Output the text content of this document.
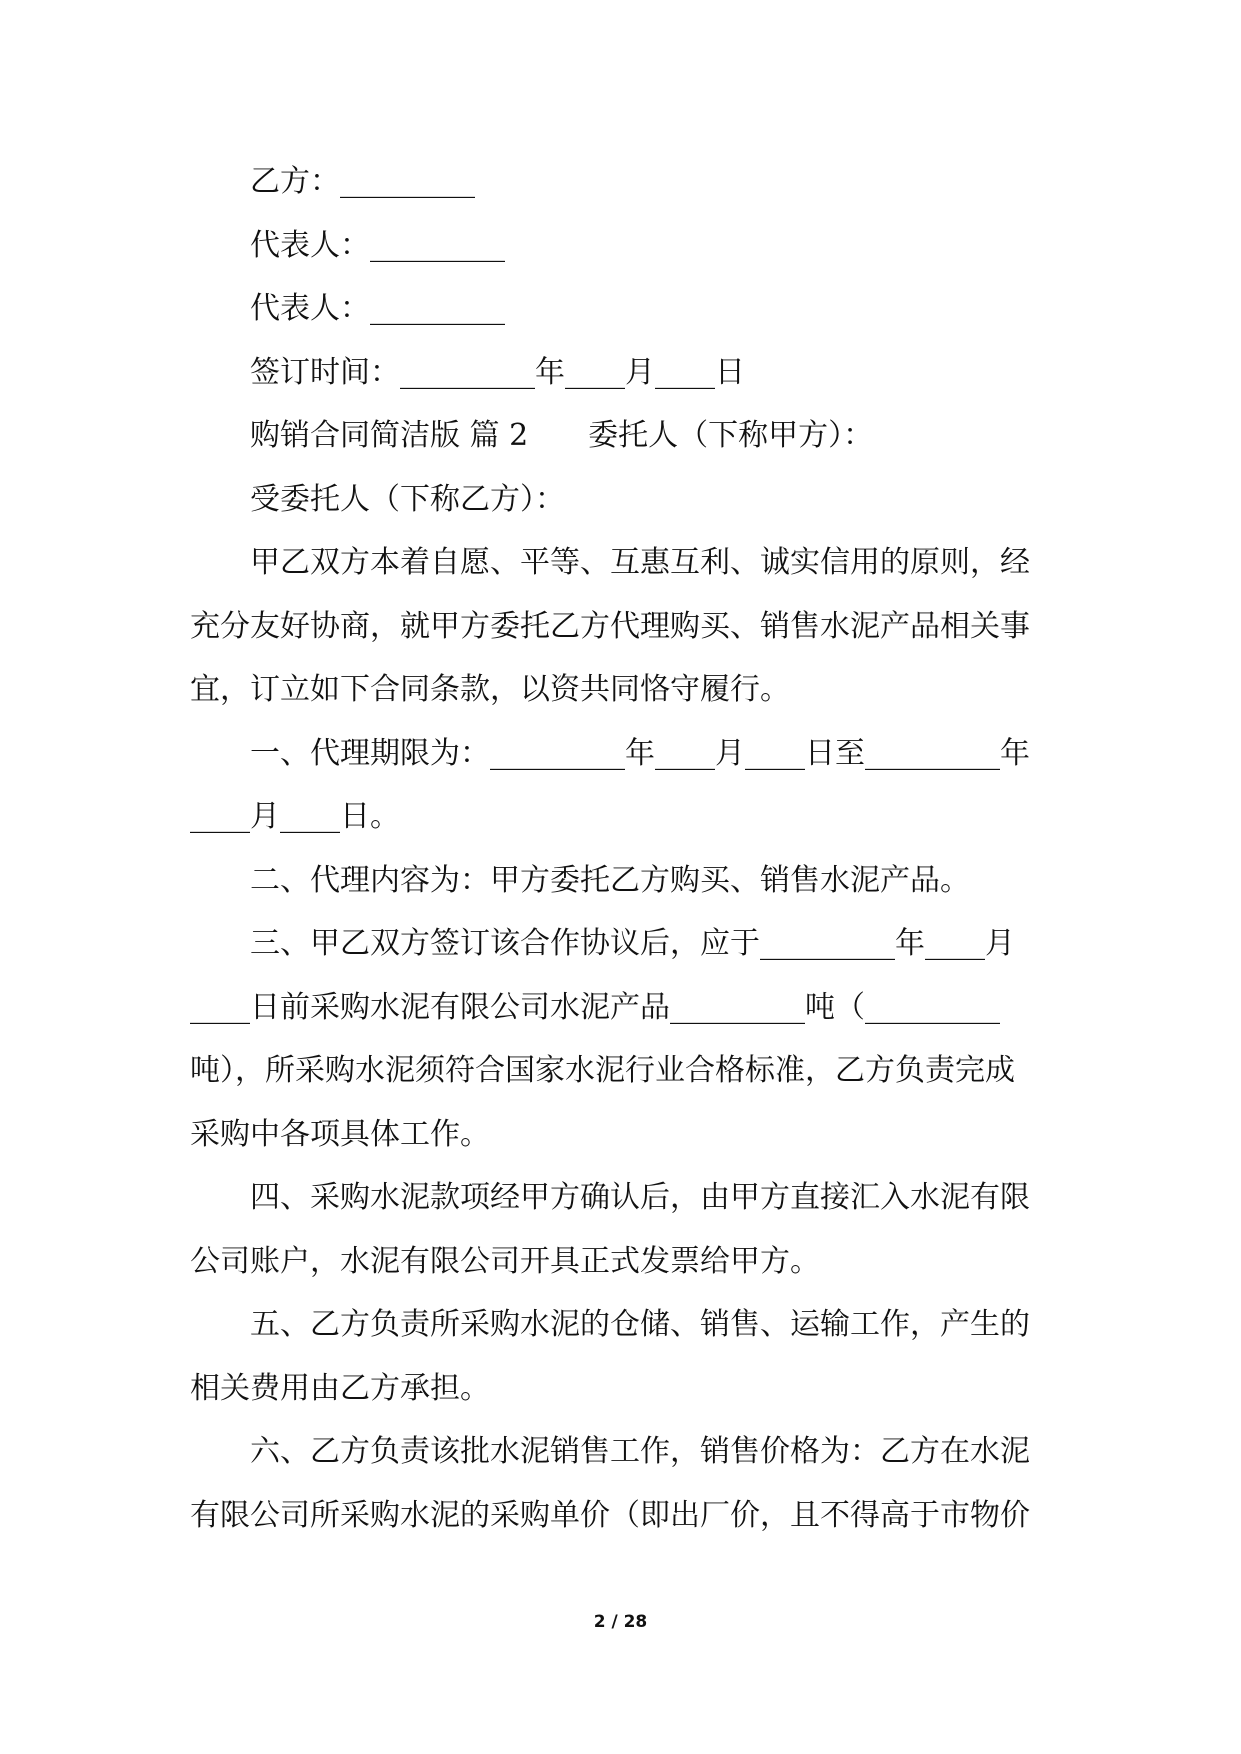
乙方：_________

代表人：_________

代表人：_________

签订时间：_________年____月____日

购销合同简洁版 篇 2　　委托人（下称甲方）：

受委托人（下称乙方）：

甲乙双方本着自愿、平等、互惠互利、诚实信用的原则，经

充分友好协商，就甲方委托乙方代理购买、销售水泥产品相关事

宜，订立如下合同条款，以资共同恪守履行。

一、代理期限为：_________年____月____日至_________年

____月____日。

二、代理内容为：甲方委托乙方购买、销售水泥产品。

三、甲乙双方签订该合作协议后，应于_________年____月

____日前采购水泥有限公司水泥产品_________吨（_________

吨），所采购水泥须符合国家水泥行业合格标准，乙方负责完成

采购中各项具体工作。

四、采购水泥款项经甲方确认后，由甲方直接汇入水泥有限

公司账户，水泥有限公司开具正式发票给甲方。

五、乙方负责所采购水泥的仓储、销售、运输工作，产生的

相关费用由乙方承担。

六、乙方负责该批水泥销售工作，销售价格为：乙方在水泥

有限公司所采购水泥的采购单价（即出厂价，且不得高于市物价

2 / 28
